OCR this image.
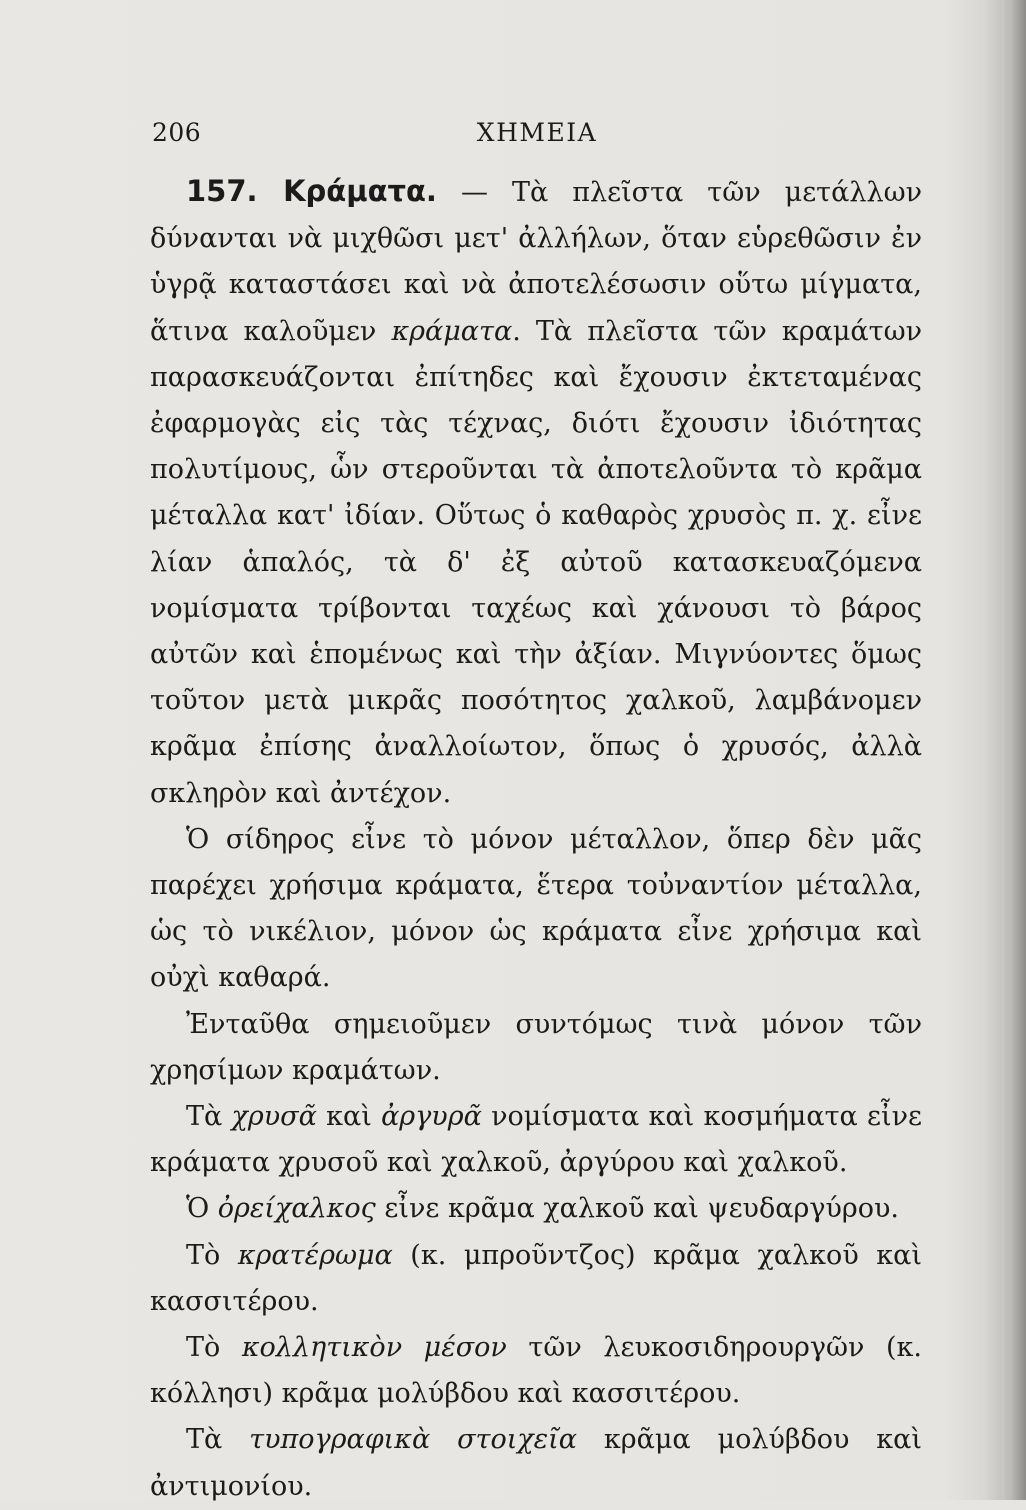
206	ΧΗΜΕΙΑ

157. Κράματα. — Τὰ πλεῖστα τῶν μετάλλων δύνανται νὰ μιχθῶσι μετ' ἀλλήλων, ὅταν εὑρεθῶσιν ἐν ὑγρᾷ καταστάσει καὶ νὰ ἀποτελέσωσιν οὕτω μίγματα, ἅτινα καλοῦμεν κράματα. Τὰ πλεῖστα τῶν κραμάτων παρασκευάζονται ἐπίτηδες καὶ ἔχουσιν ἐκτεταμένας ἐφαρμογὰς εἰς τὰς τέχνας, διότι ἔχουσιν ἰδιότητας πολυτίμους, ὧν στεροῦνται τὰ ἀποτελοῦντα τὸ κρᾶμα μέταλλα κατ' ἰδίαν. Οὕτως ὁ καθαρὸς χρυσὸς π. χ. εἶνε λίαν ἁπαλός, τὰ δ' ἐξ αὐτοῦ κατασκευαζόμενα νομίσματα τρίβονται ταχέως καὶ χάνουσι τὸ βάρος αὐτῶν καὶ ἑπομένως καὶ τὴν ἀξίαν. Μιγνύοντες ὅμως τοῦτον μετὰ μικρᾶς ποσότητος χαλκοῦ, λαμβάνομεν κρᾶμα ἐπίσης ἀναλλοίωτον, ὅπως ὁ χρυσός, ἀλλὰ σκληρὸν καὶ ἀντέχον.

Ὁ σίδηρος εἶνε τὸ μόνον μέταλλον, ὅπερ δὲν μᾶς παρέχει χρήσιμα κράματα, ἕτερα τοὐναντίον μέταλλα, ὡς τὸ νικέλιον, μόνον ὡς κράματα εἶνε χρήσιμα καὶ οὐχὶ καθαρά.

Ἐνταῦθα σημειοῦμεν συντόμως τινὰ μόνον τῶν χρησίμων κραμάτων.

Τὰ χρυσᾶ καὶ ἀργυρᾶ νομίσματα καὶ κοσμήματα εἶνε κράματα χρυσοῦ καὶ χαλκοῦ, ἀργύρου καὶ χαλκοῦ.

Ὁ ὀρείχαλκος εἶνε κρᾶμα χαλκοῦ καὶ ψευδαργύρου.

Τὸ κρατέρωμα (κ. μπροῦντζος) κρᾶμα χαλκοῦ καὶ κασσιτέρου.

Τὸ κολλητικὸν μέσον τῶν λευκοσιδηρουργῶν (κ. κόλλησι) κρᾶμα μολύβδου καὶ κασσιτέρου.

Τὰ τυπογραφικὰ στοιχεῖα κρᾶμα μολύβδου καὶ ἀντιμονίου.
